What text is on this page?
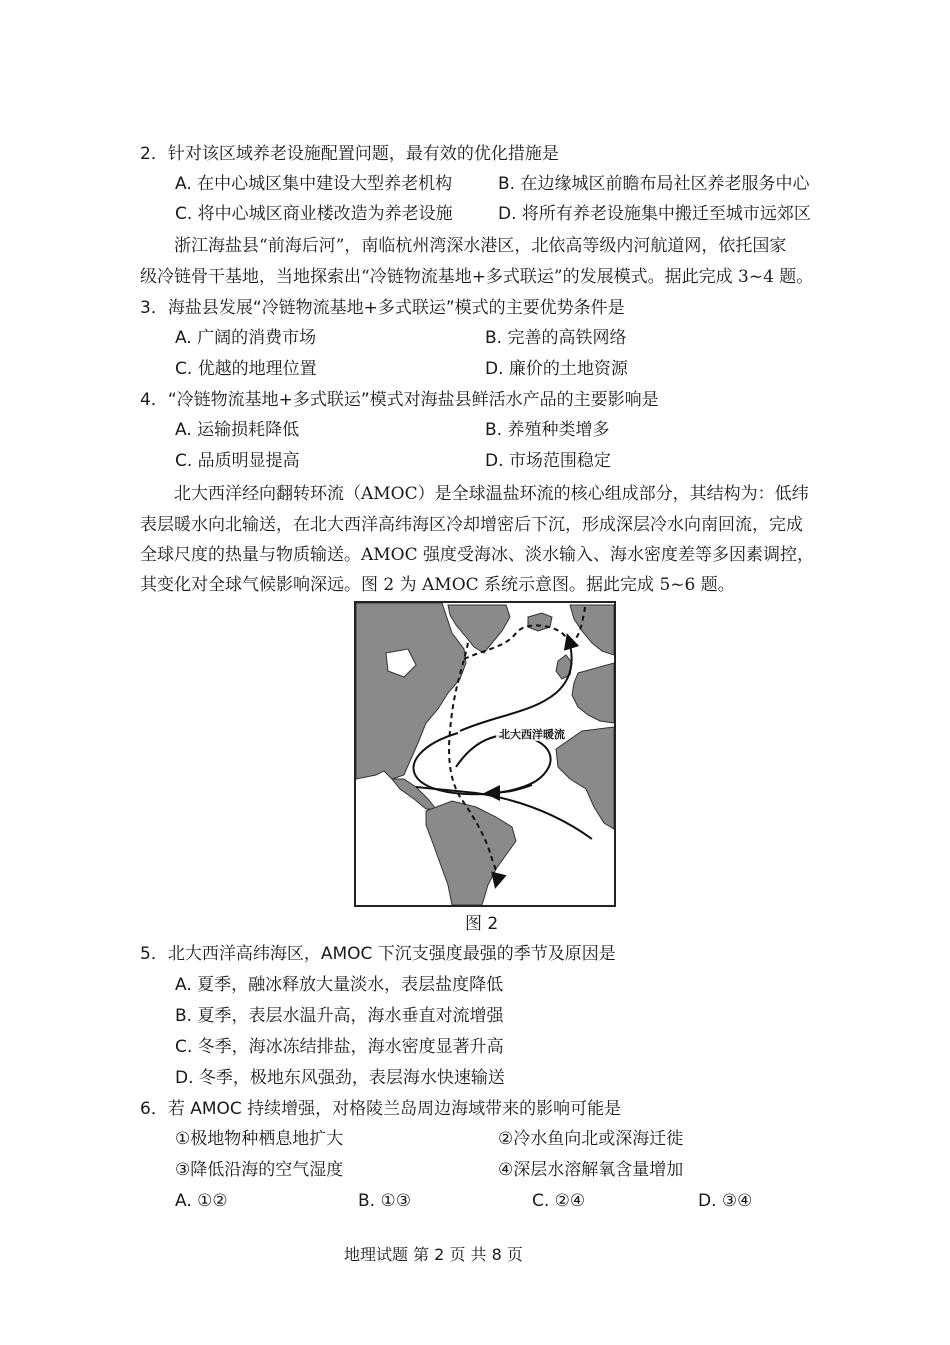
2．针对该区域养老设施配置问题，最有效的优化措施是
A. 在中心城区集中建设大型养老机构	B. 在边缘城区前瞻布局社区养老服务中心
C. 将中心城区商业楼改造为养老设施	D. 将所有养老设施集中搬迁至城市远郊区
浙江海盐县“前海后河”，南临杭州湾深水港区，北依高等级内河航道网，依托国家
级冷链骨干基地，当地探索出“冷链物流基地+多式联运”的发展模式。据此完成 3~4 题。
3．海盐县发展“冷链物流基地+多式联运”模式的主要优势条件是
A. 广阔的消费市场	B. 完善的高铁网络
C. 优越的地理位置	D. 廉价的土地资源
4．“冷链物流基地+多式联运”模式对海盐县鲜活水产品的主要影响是
A. 运输损耗降低	B. 养殖种类增多
C. 品质明显提高	D. 市场范围稳定
北大西洋经向翻转环流（AMOC）是全球温盐环流的核心组成部分，其结构为：低纬
表层暖水向北输送，在北大西洋高纬海区冷却增密后下沉，形成深层冷水向南回流，完成
全球尺度的热量与物质输送。AMOC 强度受海冰、淡水输入、海水密度差等多因素调控，
其变化对全球气候影响深远。图 2 为 AMOC 系统示意图。据此完成 5~6 题。
北大西洋暖流
图 2
5．北大西洋高纬海区，AMOC 下沉支强度最强的季节及原因是
A. 夏季，融冰释放大量淡水，表层盐度降低
B. 夏季，表层水温升高，海水垂直对流增强
C. 冬季，海冰冻结排盐，海水密度显著升高
D. 冬季，极地东风强劲，表层海水快速输送
6．若 AMOC 持续增强，对格陵兰岛周边海域带来的影响可能是
①极地物种栖息地扩大	②冷水鱼向北或深海迁徙
③降低沿海的空气湿度	④深层水溶解氧含量增加
A. ①②	B. ①③	C. ②④	D. ③④
地理试题 第 2 页 共 8 页
